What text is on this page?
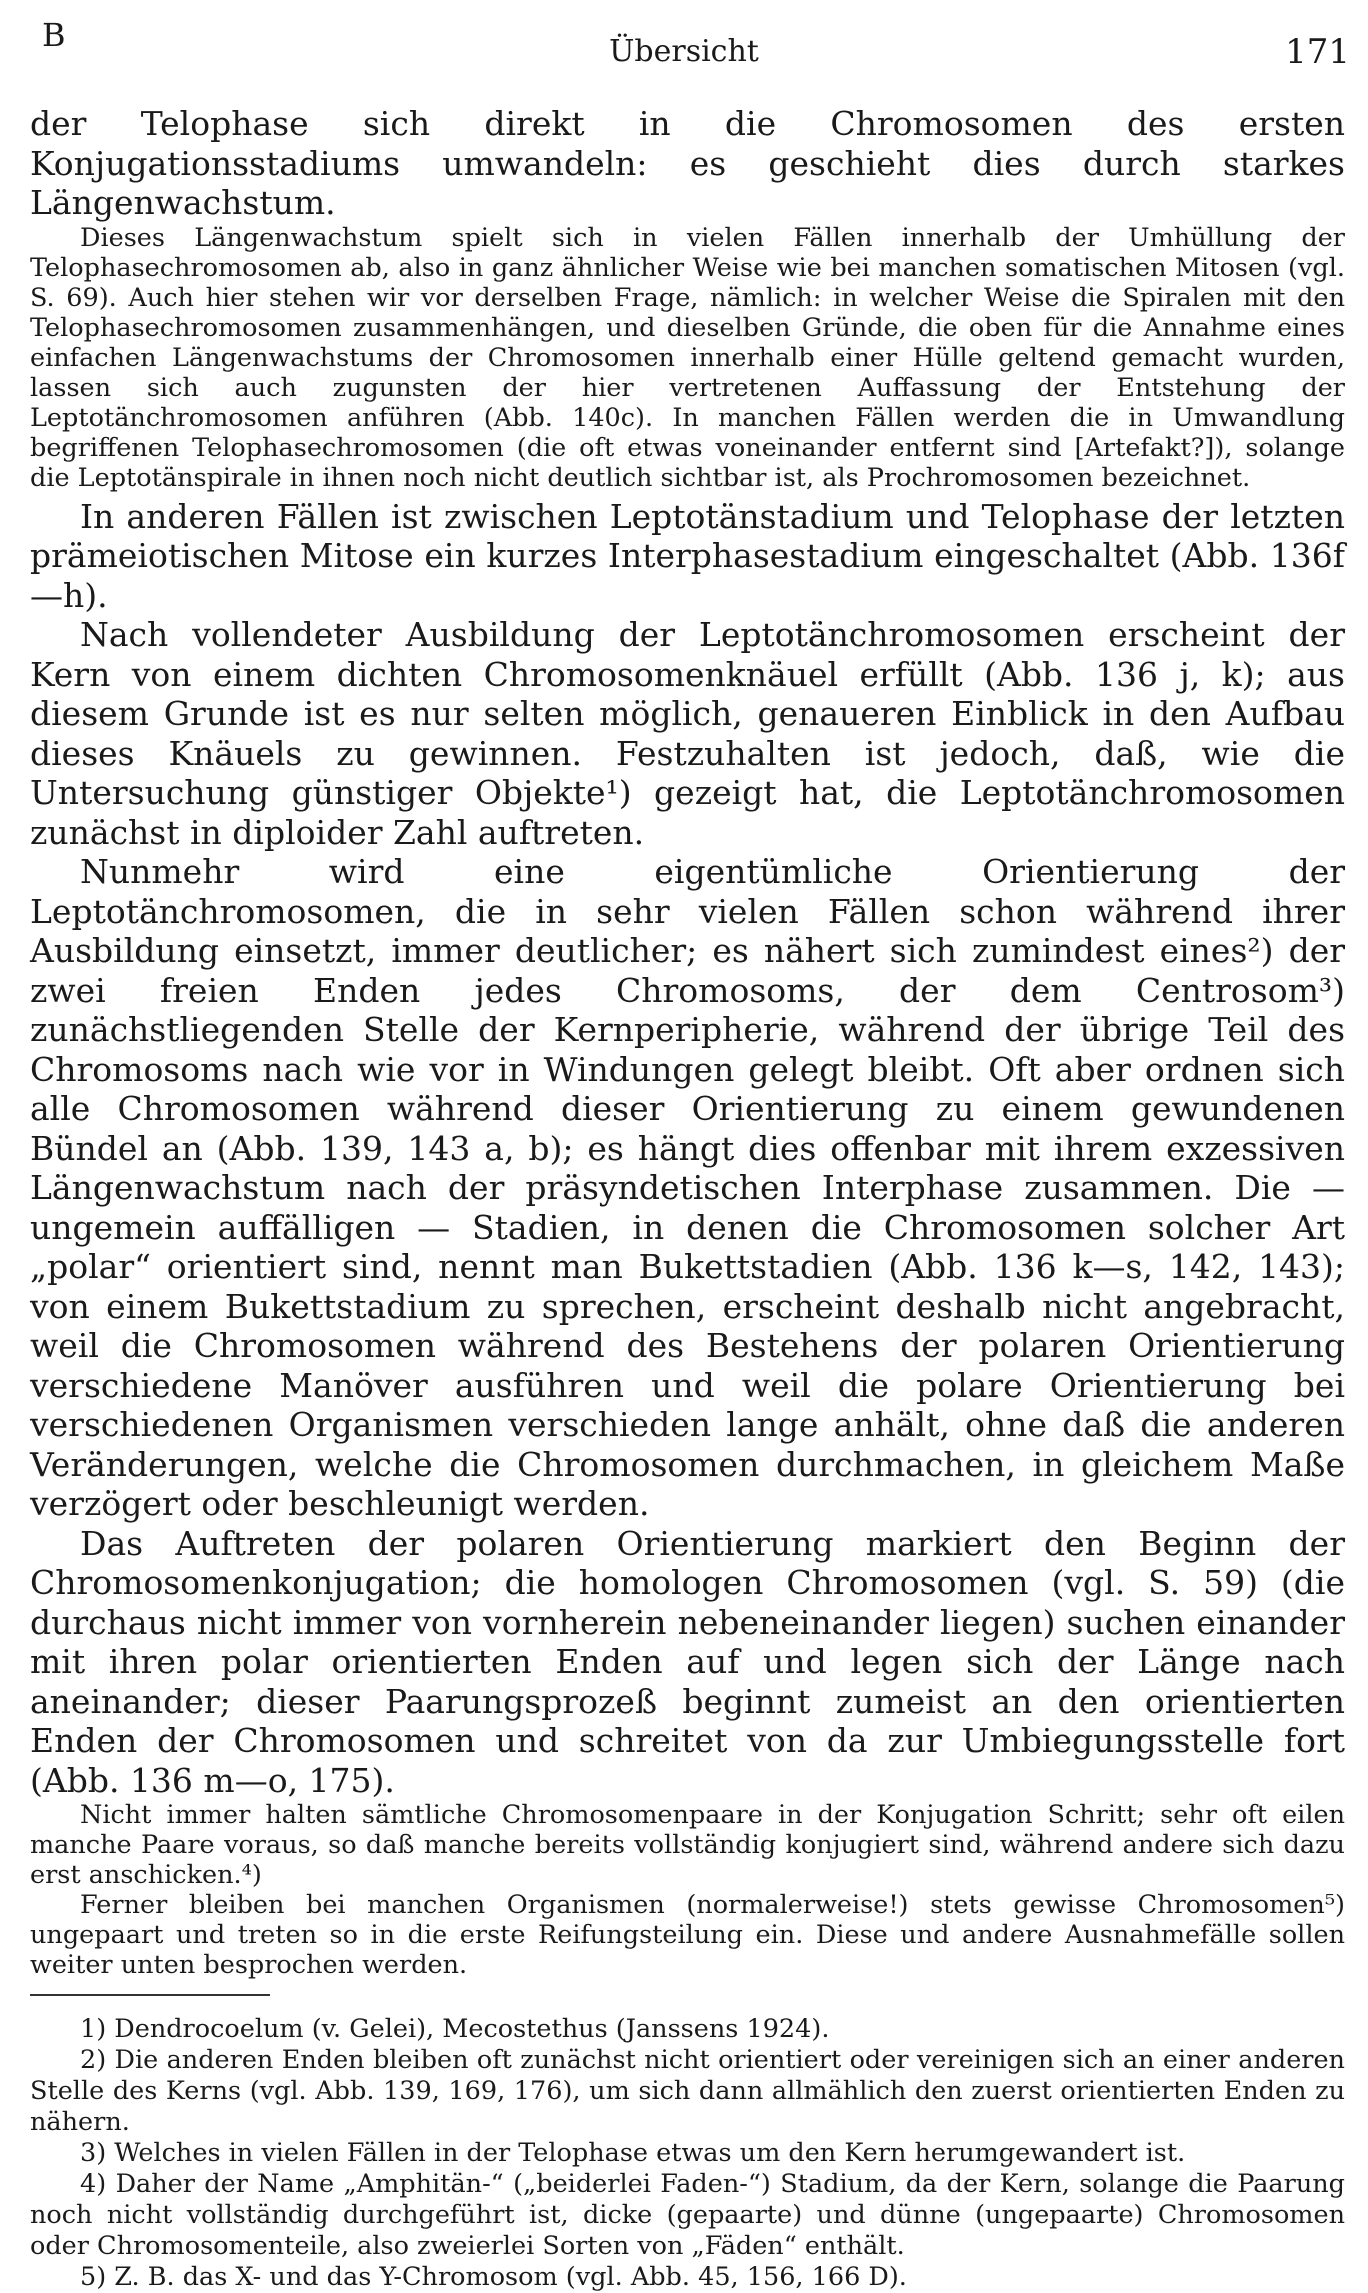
B	Übersicht	171

der Telophase sich direkt in die Chromosomen des ersten Konjugationsstadiums umwandeln: es geschieht dies durch starkes Längenwachstum.

Dieses Längenwachstum spielt sich in vielen Fällen innerhalb der Umhüllung der Telophasechromosomen ab, also in ganz ähnlicher Weise wie bei manchen somatischen Mitosen (vgl. S. 69). Auch hier stehen wir vor derselben Frage, nämlich: in welcher Weise die Spiralen mit den Telophasechromosomen zusammenhängen, und dieselben Gründe, die oben für die Annahme eines einfachen Längenwachstums der Chromosomen innerhalb einer Hülle geltend gemacht wurden, lassen sich auch zugunsten der hier vertretenen Auffassung der Entstehung der Leptotänchromosomen anführen (Abb. 140c). In manchen Fällen werden die in Umwandlung begriffenen Telophasechromosomen (die oft etwas voneinander entfernt sind [Artefakt?]), solange die Leptotänspirale in ihnen noch nicht deutlich sichtbar ist, als Prochromosomen bezeichnet.

In anderen Fällen ist zwischen Leptotänstadium und Telophase der letzten prämeiotischen Mitose ein kurzes Interphasestadium eingeschaltet (Abb. 136f—h).

Nach vollendeter Ausbildung der Leptotänchromosomen erscheint der Kern von einem dichten Chromosomenknäuel erfüllt (Abb. 136 j, k); aus diesem Grunde ist es nur selten möglich, genaueren Einblick in den Aufbau dieses Knäuels zu gewinnen. Festzuhalten ist jedoch, daß, wie die Untersuchung günstiger Objekte¹) gezeigt hat, die Leptotänchromosomen zunächst in diploider Zahl auftreten.

Nunmehr wird eine eigentümliche Orientierung der Leptotänchromosomen, die in sehr vielen Fällen schon während ihrer Ausbildung einsetzt, immer deutlicher; es nähert sich zumindest eines²) der zwei freien Enden jedes Chromosoms, der dem Centrosom³) zunächstliegenden Stelle der Kernperipherie, während der übrige Teil des Chromosoms nach wie vor in Windungen gelegt bleibt. Oft aber ordnen sich alle Chromosomen während dieser Orientierung zu einem gewundenen Bündel an (Abb. 139, 143 a, b); es hängt dies offenbar mit ihrem exzessiven Längenwachstum nach der präsyndetischen Interphase zusammen. Die — ungemein auffälligen — Stadien, in denen die Chromosomen solcher Art „polar“ orientiert sind, nennt man Bukettstadien (Abb. 136 k—s, 142, 143); von einem Bukettstadium zu sprechen, erscheint deshalb nicht angebracht, weil die Chromosomen während des Bestehens der polaren Orientierung verschiedene Manöver ausführen und weil die polare Orientierung bei verschiedenen Organismen verschieden lange anhält, ohne daß die anderen Veränderungen, welche die Chromosomen durchmachen, in gleichem Maße verzögert oder beschleunigt werden.

Das Auftreten der polaren Orientierung markiert den Beginn der Chromosomenkonjugation; die homologen Chromosomen (vgl. S. 59) (die durchaus nicht immer von vornherein nebeneinander liegen) suchen einander mit ihren polar orientierten Enden auf und legen sich der Länge nach aneinander; dieser Paarungsprozeß beginnt zumeist an den orientierten Enden der Chromosomen und schreitet von da zur Umbiegungsstelle fort (Abb. 136 m—o, 175).

Nicht immer halten sämtliche Chromosomenpaare in der Konjugation Schritt; sehr oft eilen manche Paare voraus, so daß manche bereits vollständig konjugiert sind, während andere sich dazu erst anschicken.⁴)

Ferner bleiben bei manchen Organismen (normalerweise!) stets gewisse Chromosomen⁵) ungepaart und treten so in die erste Reifungsteilung ein. Diese und andere Ausnahmefälle sollen weiter unten besprochen werden.

1) Dendrocoelum (v. Gelei), Mecostethus (Janssens 1924).

2) Die anderen Enden bleiben oft zunächst nicht orientiert oder vereinigen sich an einer anderen Stelle des Kerns (vgl. Abb. 139, 169, 176), um sich dann allmählich den zuerst orientierten Enden zu nähern.

3) Welches in vielen Fällen in der Telophase etwas um den Kern herumgewandert ist.

4) Daher der Name „Amphitän-“ („beiderlei Faden-“) Stadium, da der Kern, solange die Paarung noch nicht vollständig durchgeführt ist, dicke (gepaarte) und dünne (ungepaarte) Chromosomen oder Chromosomenteile, also zweierlei Sorten von „Fäden“ enthält.

5) Z. B. das X- und das Y-Chromosom (vgl. Abb. 45, 156, 166 D).
